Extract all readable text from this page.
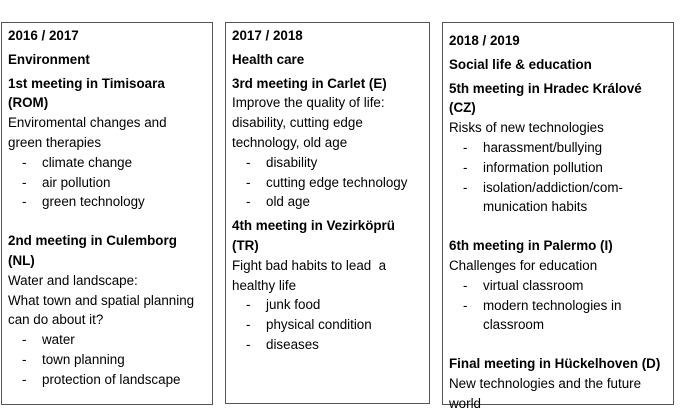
2016 / 2017
Environment
1st meeting in Timisoara (ROM)
Enviromental changes and
green therapies
- climate change
- air pollution
- green technology
2nd meeting in Culemborg (NL)
Water and landscape:
What town and spatial planning
can do about it?
- water
- town planning
- protection of landscape
2017 / 2018
Health care
3rd meeting in Carlet (E)
Improve the quality of life:
disability, cutting edge
technology, old age
- disability
- cutting edge technology
- old age
4th meeting in Vezirköprü (TR)
Fight bad habits to lead  a
healthy life
- junk food
- physical condition
- diseases
2018 / 2019
Social life & education
5th meeting in Hradec Králové (CZ)
Risks of new technologies
- harassment/bullying
- information pollution
- isolation/addiction/com-
munication habits
6th meeting in Palermo (I)
Challenges for education
- virtual classroom
- modern technologies in
classroom
Final meeting in Hückelhoven (D)
New technologies and the future
world
